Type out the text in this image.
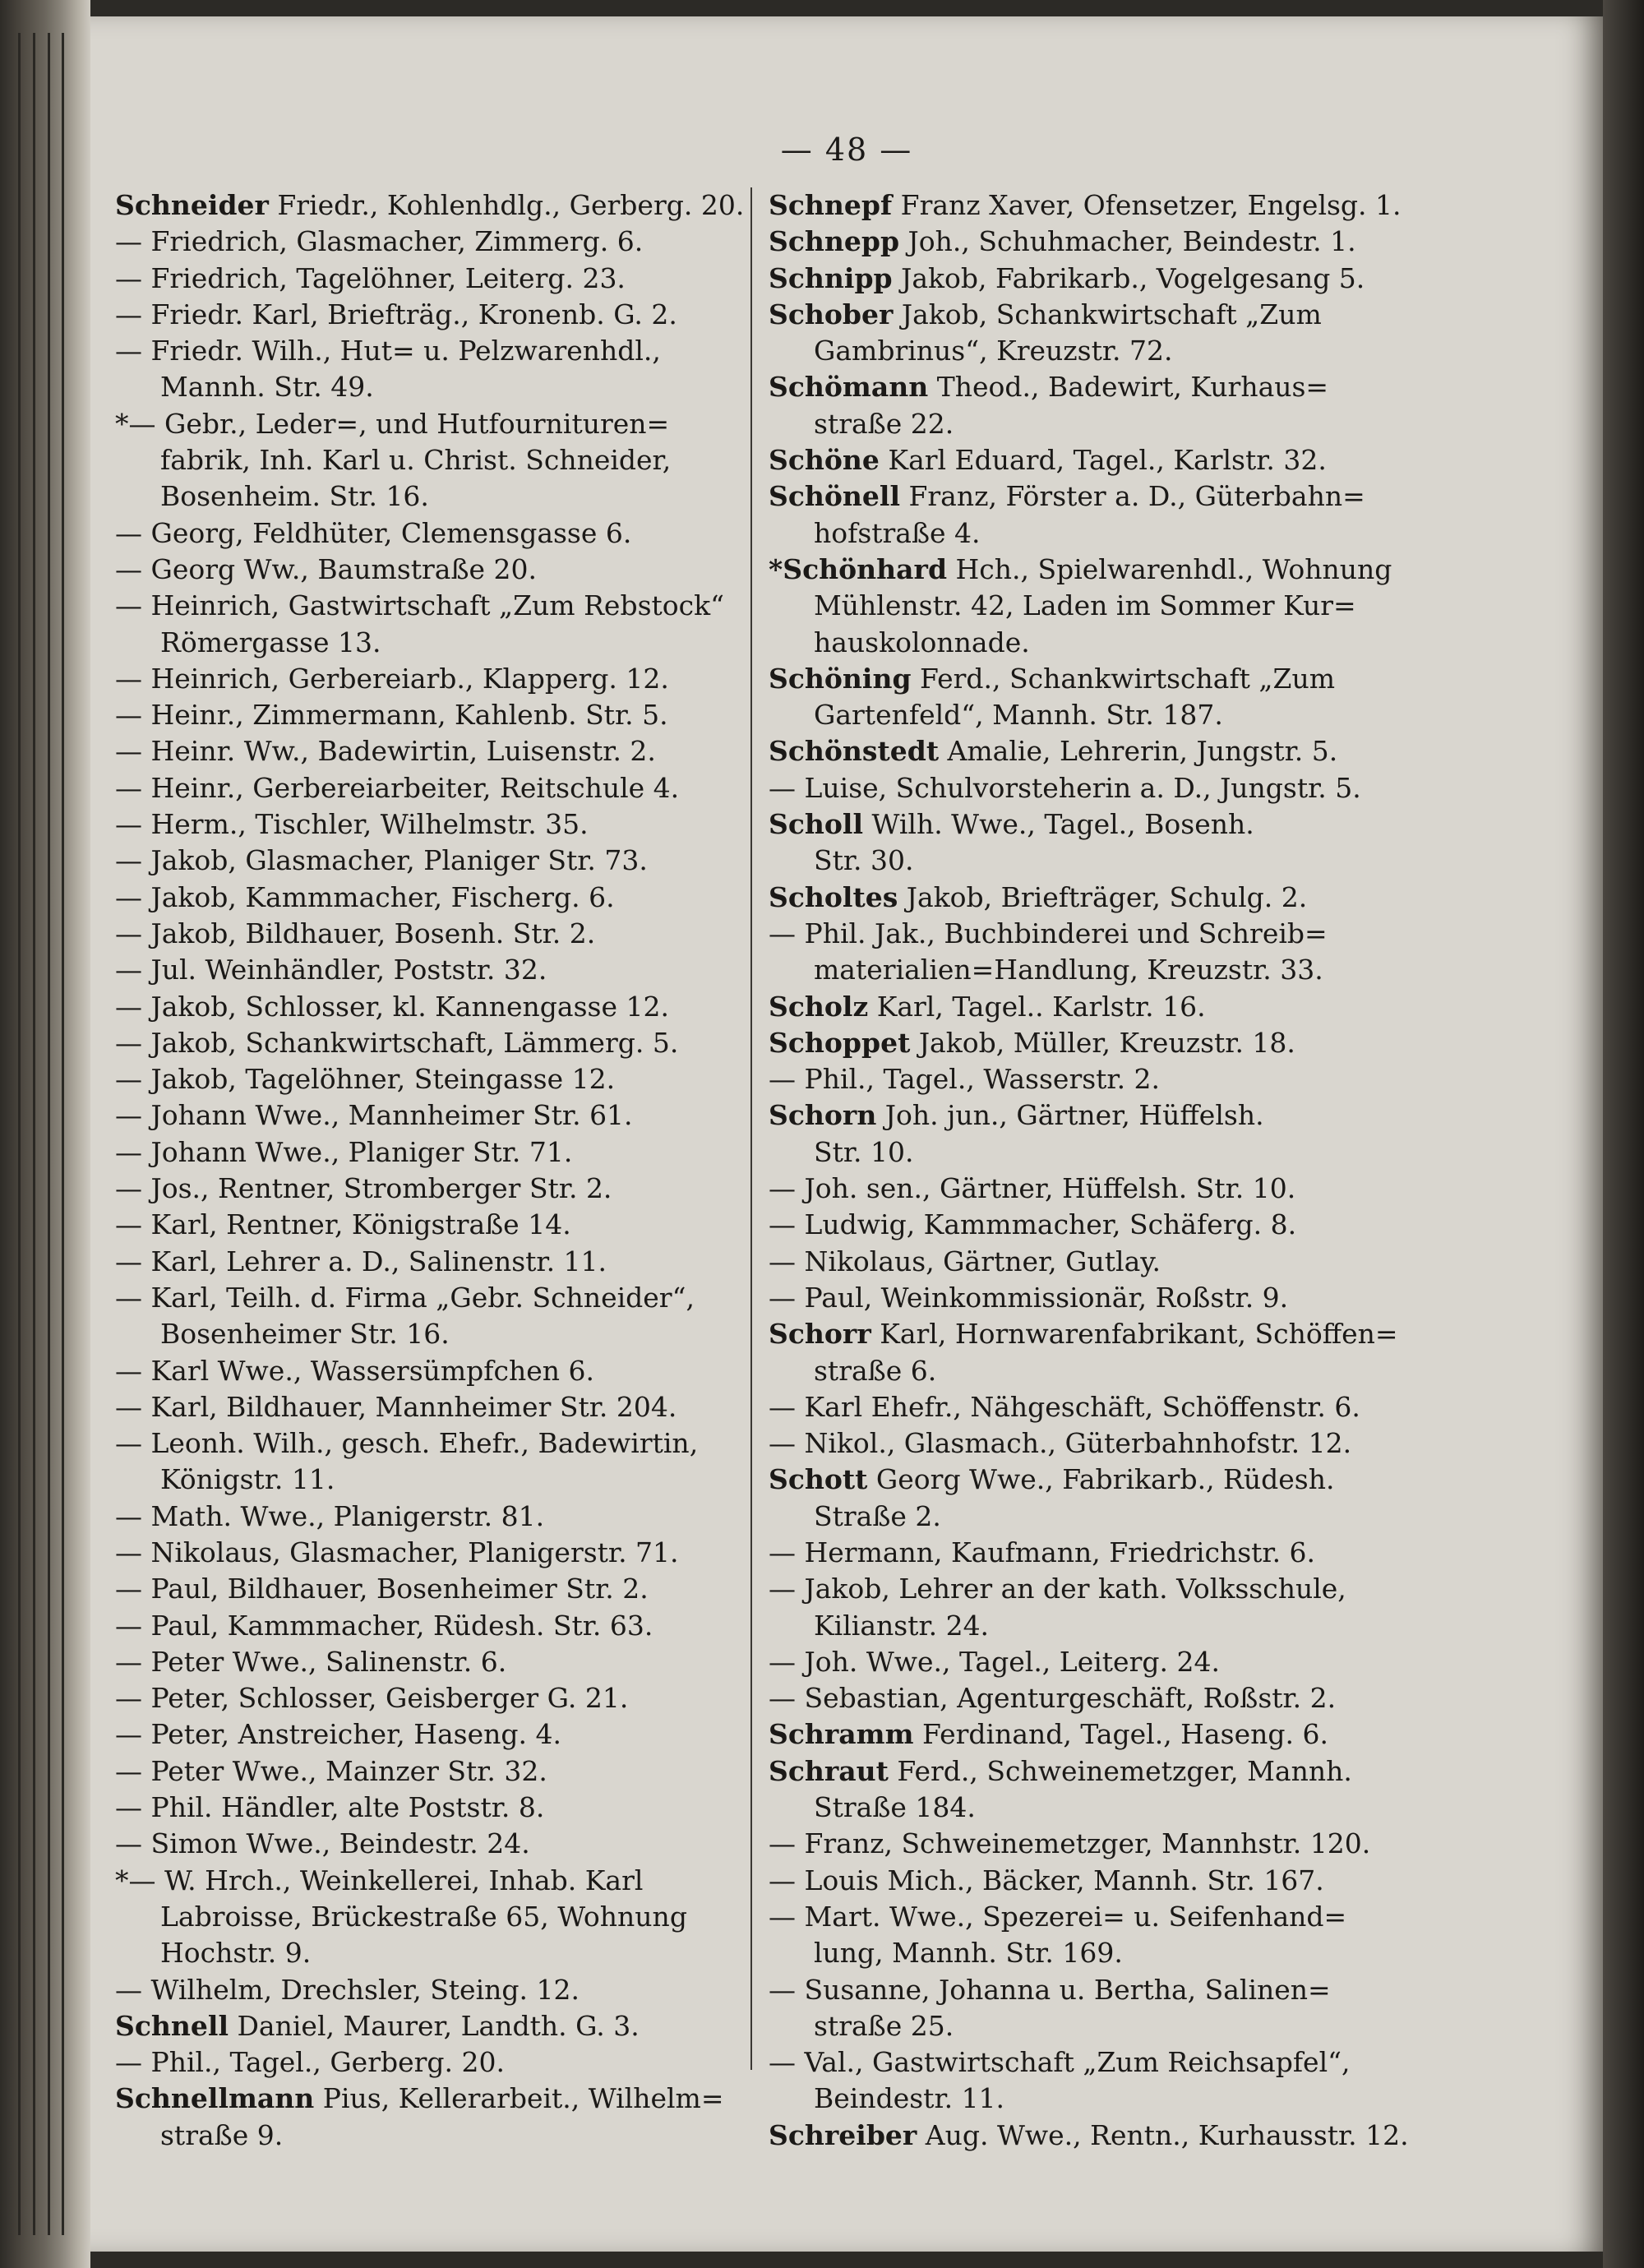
— 48 —

Schneider Friedr., Kohlenhdlg., Gerberg. 20.

— Friedrich, Glasmacher, Zimmerg. 6.

— Friedrich, Tagelöhner, Leiterg. 23.

— Friedr. Karl, Briefträg., Kronenb. G. 2.

— Friedr. Wilh., Hut= u. Pelzwarenhdl.,

Mannh. Str. 49.

*— Gebr., Leder=, und Hutfournituren=

fabrik, Inh. Karl u. Christ. Schneider,

Bosenheim. Str. 16.

— Georg, Feldhüter, Clemensgasse 6.

— Georg Ww., Baumstraße 20.

— Heinrich, Gastwirtschaft „Zum Rebstock“

Römergasse 13.

— Heinrich, Gerbereiarb., Klapperg. 12.

— Heinr., Zimmermann, Kahlenb. Str. 5.

— Heinr. Ww., Badewirtin, Luisenstr. 2.

— Heinr., Gerbereiarbeiter, Reitschule 4.

— Herm., Tischler, Wilhelmstr. 35.

— Jakob, Glasmacher, Planiger Str. 73.

— Jakob, Kammmacher, Fischerg. 6.

— Jakob, Bildhauer, Bosenh. Str. 2.

— Jul. Weinhändler, Poststr. 32.

— Jakob, Schlosser, kl. Kannengasse 12.

— Jakob, Schankwirtschaft, Lämmerg. 5.

— Jakob, Tagelöhner, Steingasse 12.

— Johann Wwe., Mannheimer Str. 61.

— Johann Wwe., Planiger Str. 71.

— Jos., Rentner, Stromberger Str. 2.

— Karl, Rentner, Königstraße 14.

— Karl, Lehrer a. D., Salinenstr. 11.

— Karl, Teilh. d. Firma „Gebr. Schneider“,

Bosenheimer Str. 16.

— Karl Wwe., Wassersümpfchen 6.

— Karl, Bildhauer, Mannheimer Str. 204.

— Leonh. Wilh., gesch. Ehefr., Badewirtin,

Königstr. 11.

— Math. Wwe., Planigerstr. 81.

— Nikolaus, Glasmacher, Planigerstr. 71.

— Paul, Bildhauer, Bosenheimer Str. 2.

— Paul, Kammmacher, Rüdesh. Str. 63.

— Peter Wwe., Salinenstr. 6.

— Peter, Schlosser, Geisberger G. 21.

— Peter, Anstreicher, Haseng. 4.

— Peter Wwe., Mainzer Str. 32.

— Phil. Händler, alte Poststr. 8.

— Simon Wwe., Beindestr. 24.

*— W. Hrch., Weinkellerei, Inhab. Karl

Labroisse, Brückestraße 65, Wohnung

Hochstr. 9.

— Wilhelm, Drechsler, Steing. 12.

Schnell Daniel, Maurer, Landth. G. 3.

— Phil., Tagel., Gerberg. 20.

Schnellmann Pius, Kellerarbeit., Wilhelm=

straße 9.

Schnepf Franz Xaver, Ofensetzer, Engelsg. 1.

Schnepp Joh., Schuhmacher, Beindestr. 1.

Schnipp Jakob, Fabrikarb., Vogelgesang 5.

Schober Jakob, Schankwirtschaft „Zum

Gambrinus“, Kreuzstr. 72.

Schömann Theod., Badewirt, Kurhaus=

straße 22.

Schöne Karl Eduard, Tagel., Karlstr. 32.

Schönell Franz, Förster a. D., Güterbahn=

hofstraße 4.

*Schönhard Hch., Spielwarenhdl., Wohnung

Mühlenstr. 42, Laden im Sommer Kur=

hauskolonnade.

Schöning Ferd., Schankwirtschaft „Zum

Gartenfeld“, Mannh. Str. 187.

Schönstedt Amalie, Lehrerin, Jungstr. 5.

— Luise, Schulvorsteherin a. D., Jungstr. 5.

Scholl Wilh. Wwe., Tagel., Bosenh.

Str. 30.

Scholtes Jakob, Briefträger, Schulg. 2.

— Phil. Jak., Buchbinderei und Schreib=

materialien=Handlung, Kreuzstr. 33.

Scholz Karl, Tagel.. Karlstr. 16.

Schoppet Jakob, Müller, Kreuzstr. 18.

— Phil., Tagel., Wasserstr. 2.

Schorn Joh. jun., Gärtner, Hüffelsh.

Str. 10.

— Joh. sen., Gärtner, Hüffelsh. Str. 10.

— Ludwig, Kammmacher, Schäferg. 8.

— Nikolaus, Gärtner, Gutlay.

— Paul, Weinkommissionär, Roßstr. 9.

Schorr Karl, Hornwarenfabrikant, Schöffen=

straße 6.

— Karl Ehefr., Nähgeschäft, Schöffenstr. 6.

— Nikol., Glasmach., Güterbahnhofstr. 12.

Schott Georg Wwe., Fabrikarb., Rüdesh.

Straße 2.

— Hermann, Kaufmann, Friedrichstr. 6.

— Jakob, Lehrer an der kath. Volksschule,

Kilianstr. 24.

— Joh. Wwe., Tagel., Leiterg. 24.

— Sebastian, Agenturgeschäft, Roßstr. 2.

Schramm Ferdinand, Tagel., Haseng. 6.

Schraut Ferd., Schweinemetzger, Mannh.

Straße 184.

— Franz, Schweinemetzger, Mannhstr. 120.

— Louis Mich., Bäcker, Mannh. Str. 167.

— Mart. Wwe., Spezerei= u. Seifenhand=

lung, Mannh. Str. 169.

— Susanne, Johanna u. Bertha, Salinen=

straße 25.

— Val., Gastwirtschaft „Zum Reichsapfel“,

Beindestr. 11.

Schreiber Aug. Wwe., Rentn., Kurhausstr. 12.
